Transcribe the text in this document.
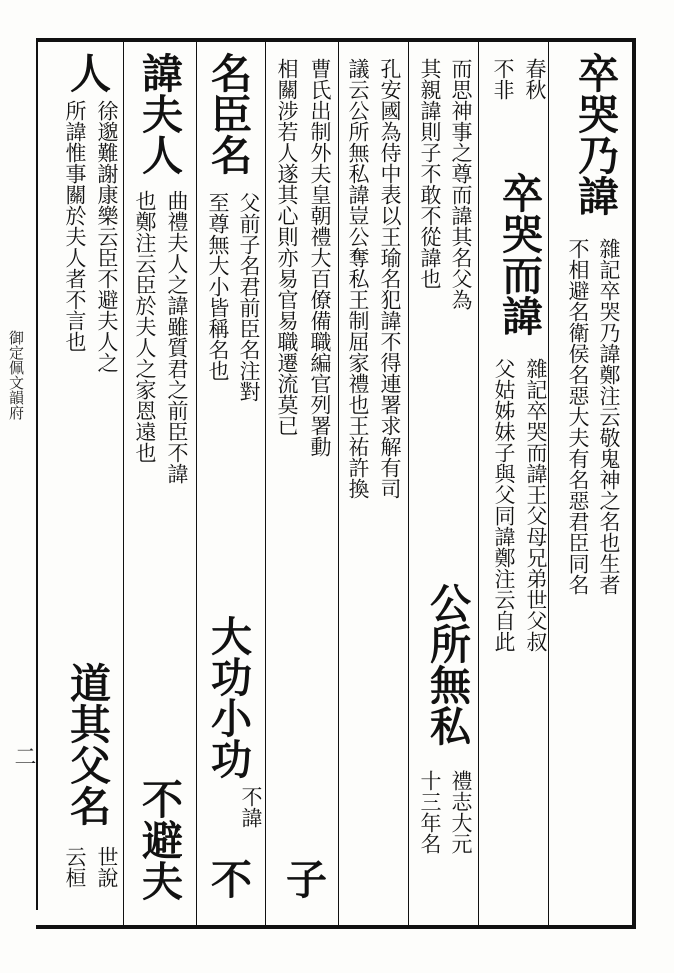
御定佩文韻府
二
卒哭乃諱
雜記卒哭乃諱鄭注云敬鬼神之名也生者
不相避名衛侯名惡大夫有名惡君臣同名
春秋
不非
卒哭而諱
雜記卒哭而諱王父母兄弟世父叔
父姑姊妹子與父同諱鄭注云自此
而思神事之尊而諱其名父為
公所無私
禮志大元
其親諱則子不敢不從諱也
十三年名
孔安國為侍中表以王瑜名犯諱不得連署求解有司
議云公所無私諱豈公奪私王制屈家禮也王祐許換
曹氏出制外夫皇朝禮大百僚備職編官列署動
子
相關涉若人遂其心則亦易官易職遷流莫已
名臣名
父前子名君前臣名注對
至尊無大小皆稱名也
大功小功
不諱
不
諱夫人
曲禮夫人之諱雖質君之前臣不諱
也鄭注云臣於夫人之家恩遠也
不避夫
人
徐邈難謝康樂云臣不避夫人之
所諱惟事關於夫人者不言也
道其父名
世說
云桓
